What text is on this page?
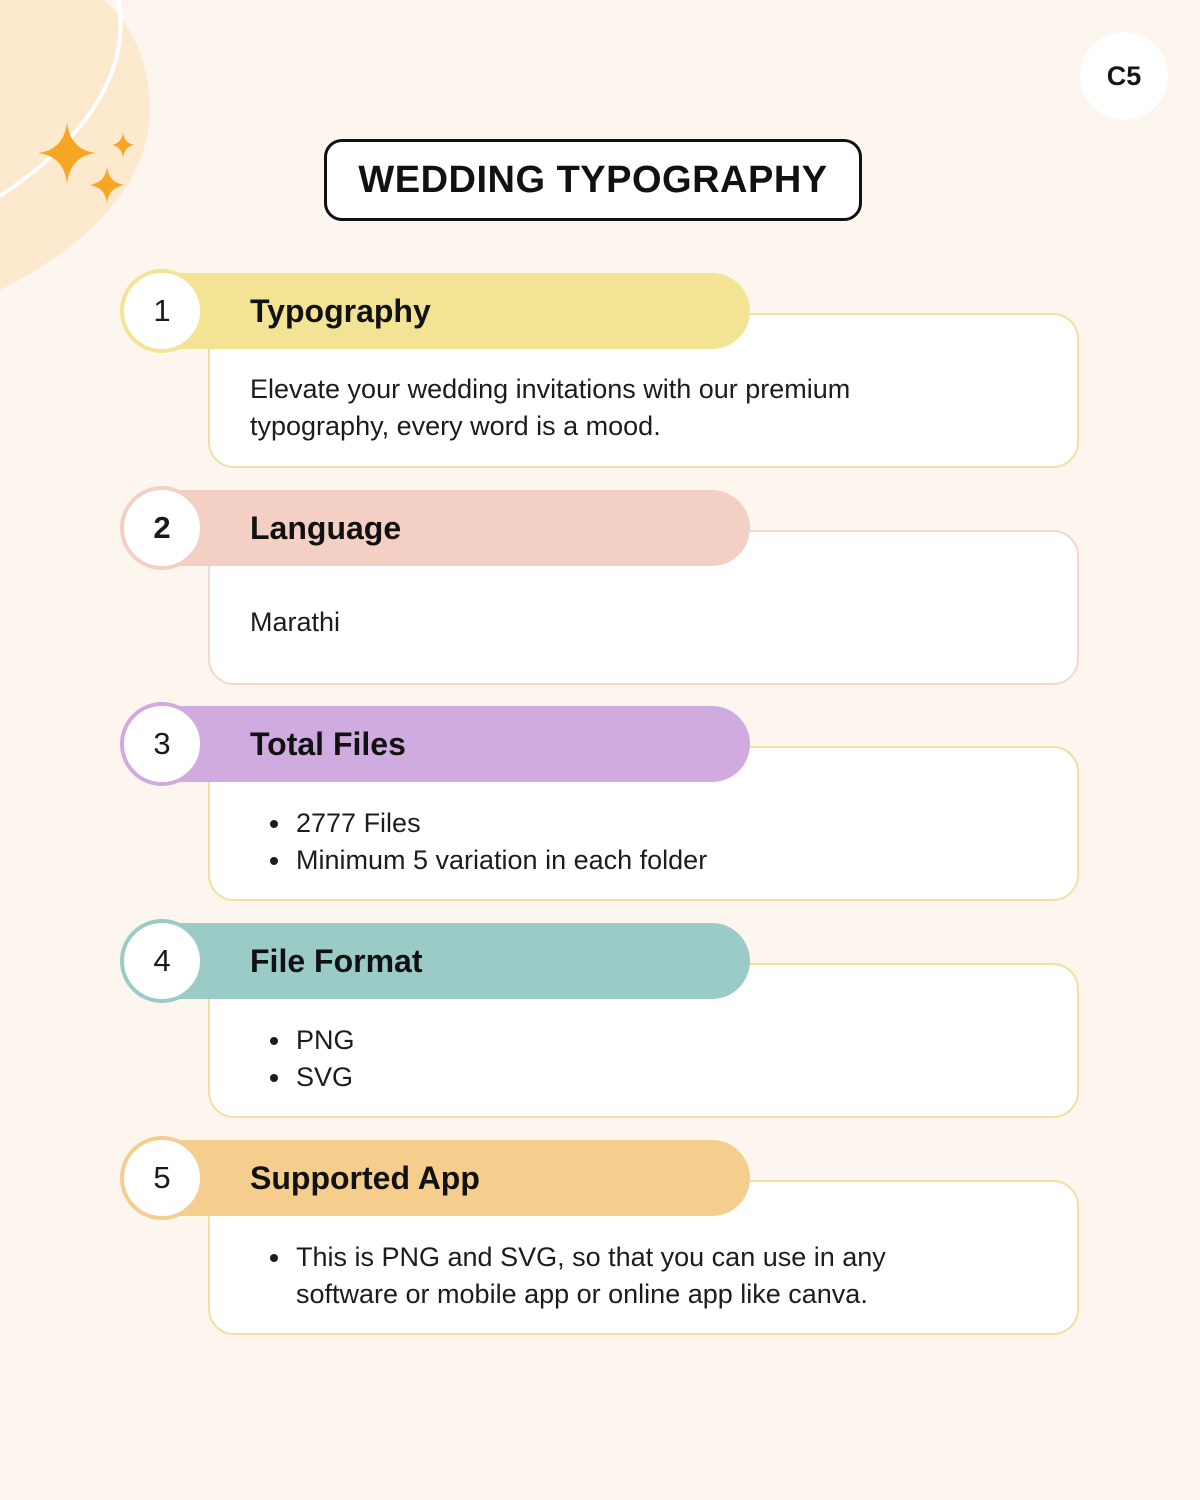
C5
WEDDING TYPOGRAPHY
1	Typography
Elevate your wedding invitations with our premium
typography, every word is a mood.
2	Language
Marathi
3	Total Files
2777 Files
Minimum 5 variation in each folder
4	File Format
PNG
SVG
5	Supported App
This is PNG and SVG, so that you can use in any
software or mobile app or online app like canva.
